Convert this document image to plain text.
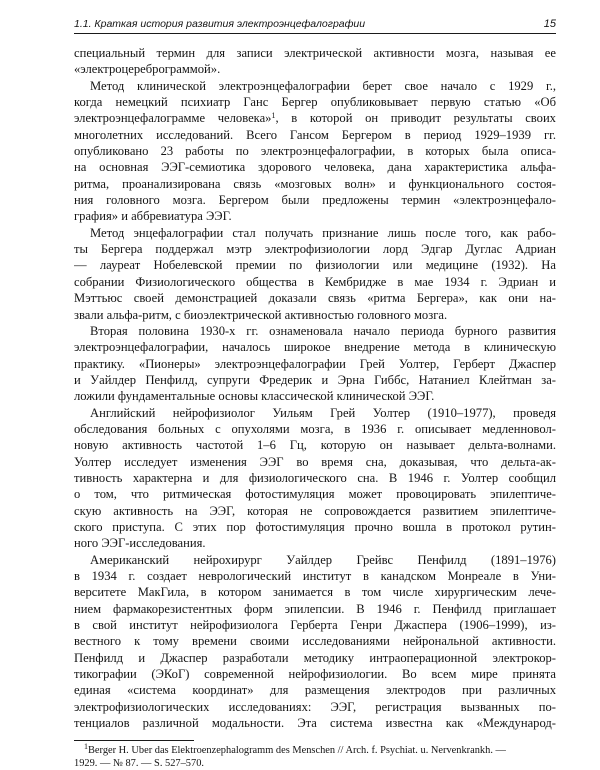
1.1. Краткая история развития электроэнцефалографии	15
специальный термин для записи электрической активности мозга, называя ее
«электроцереброграммой».
Метод клинической электроэнцефалографии берет свое начало с 1929 г.,
когда немецкий психиатр Ганс Бергер опубликовывает первую статью «Об
электроэнцефалограмме человека»$^1$, в которой он приводит результаты своих
многолетних исследований. Всего Гансом Бергером в период 1929–1939 гг.
опубликовано 23 работы по электроэнцефалографии, в которых была описа-
на основная ЭЭГ-семиотика здорового человека, дана характеристика альфа-
ритма, проанализирована связь «мозговых волн» и функционального состоя-
ния головного мозга. Бергером были предложены термин «электроэнцефало-
графия» и аббревиатура ЭЭГ.
Метод энцефалографии стал получать признание лишь после того, как рабо-
ты Бергера поддержал мэтр электрофизиологии лорд Эдгар Дуглас Адриан
— лауреат Нобелевской премии по физиологии или медицине (1932). На
собрании Физиологического общества в Кембридже в мае 1934 г. Эдриан и
Мэттьюс своей демонстрацией доказали связь «ритма Бергера», как они на-
звали альфа-ритм, с биоэлектрической активностью головного мозга.
Вторая половина 1930-х гг. ознаменовала начало периода бурного развития
электроэнцефалографии, началось широкое внедрение метода в клиническую
практику. «Пионеры» электроэнцефалографии Грей Уолтер, Герберт Джаспер
и Уайлдер Пенфилд, супруги Фредерик и Эрна Гиббс, Натаниел Клейтман за-
ложили фундаментальные основы классической клинической ЭЭГ.
Английский нейрофизиолог Уильям Грей Уолтер (1910–1977), проведя
обследования больных с опухолями мозга, в 1936 г. описывает медленновол-
новую активность частотой 1–6 Гц, которую он называет дельта-волнами.
Уолтер исследует изменения ЭЭГ во время сна, доказывая, что дельта-ак-
тивность характерна и для физиологического сна. В 1946 г. Уолтер сообщил
о том, что ритмическая фотостимуляция может провоцировать эпилептиче-
скую активность на ЭЭГ, которая не сопровождается развитием эпилептиче-
ского приступа. С этих пор фотостимуляция прочно вошла в протокол рутин-
ного ЭЭГ-исследования.
Американский нейрохирург Уайлдер Грейвс Пенфилд (1891–1976)
в 1934 г. создает неврологический институт в канадском Монреале в Уни-
верситете МакГила, в котором занимается в том числе хирургическим лече-
нием фармакорезистентных форм эпилепсии. В 1946 г. Пенфилд приглашает
в свой институт нейрофизиолога Герберта Генри Джаспера (1906–1999), из-
вестного к тому времени своими исследованиями нейрональной активности.
Пенфилд и Джаспер разработали методику интраоперационной электрокор-
тикографии (ЭКоГ) современной нейрофизиологии. Во всем мире принята
единая «система координат» для размещения электродов при различных
электрофизиологических исследованиях: ЭЭГ, регистрация вызванных по-
тенциалов различной модальности. Эта система известна как «Международ-
$^1$Berger H. Uber das Elektroenzephalogramm des Menschen // Arch. f. Psychiat. u. Nervenkrankh. —
1929. — № 87. — S. 527–570.
